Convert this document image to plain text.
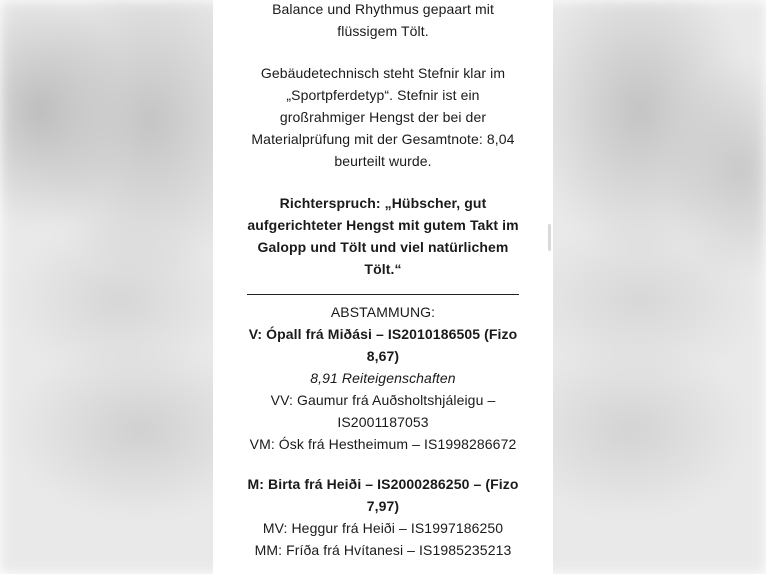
Balance und Rhythmus gepaart mit

flüssigem Tölt.

Gebäudetechnisch steht Stefnir klar im „Sportpferdetyp“. Stefnir ist ein großrahmiger Hengst der bei der Materialprüfung mit der Gesamtnote: 8,04 beurteilt wurde.

Richterspruch: „Hübscher, gut aufgerichteter Hengst mit gutem Takt im Galopp und Tölt und viel natürlichem Tölt.“

ABSTAMMUNG:

V: Ópall frá Miðási – IS2010186505 (Fizo 8,67)

8,91 Reiteigenschaften

VV: Gaumur frá Auðsholtshjáleigu – IS2001187053

VM: Ósk frá Hestheimum – IS1998286672

M: Birta frá Heiði – IS2000286250 – (Fizo 7,97)

MV: Heggur frá Heiði – IS1997186250

MM: Fríða frá Hvítanesi – IS1985235213
